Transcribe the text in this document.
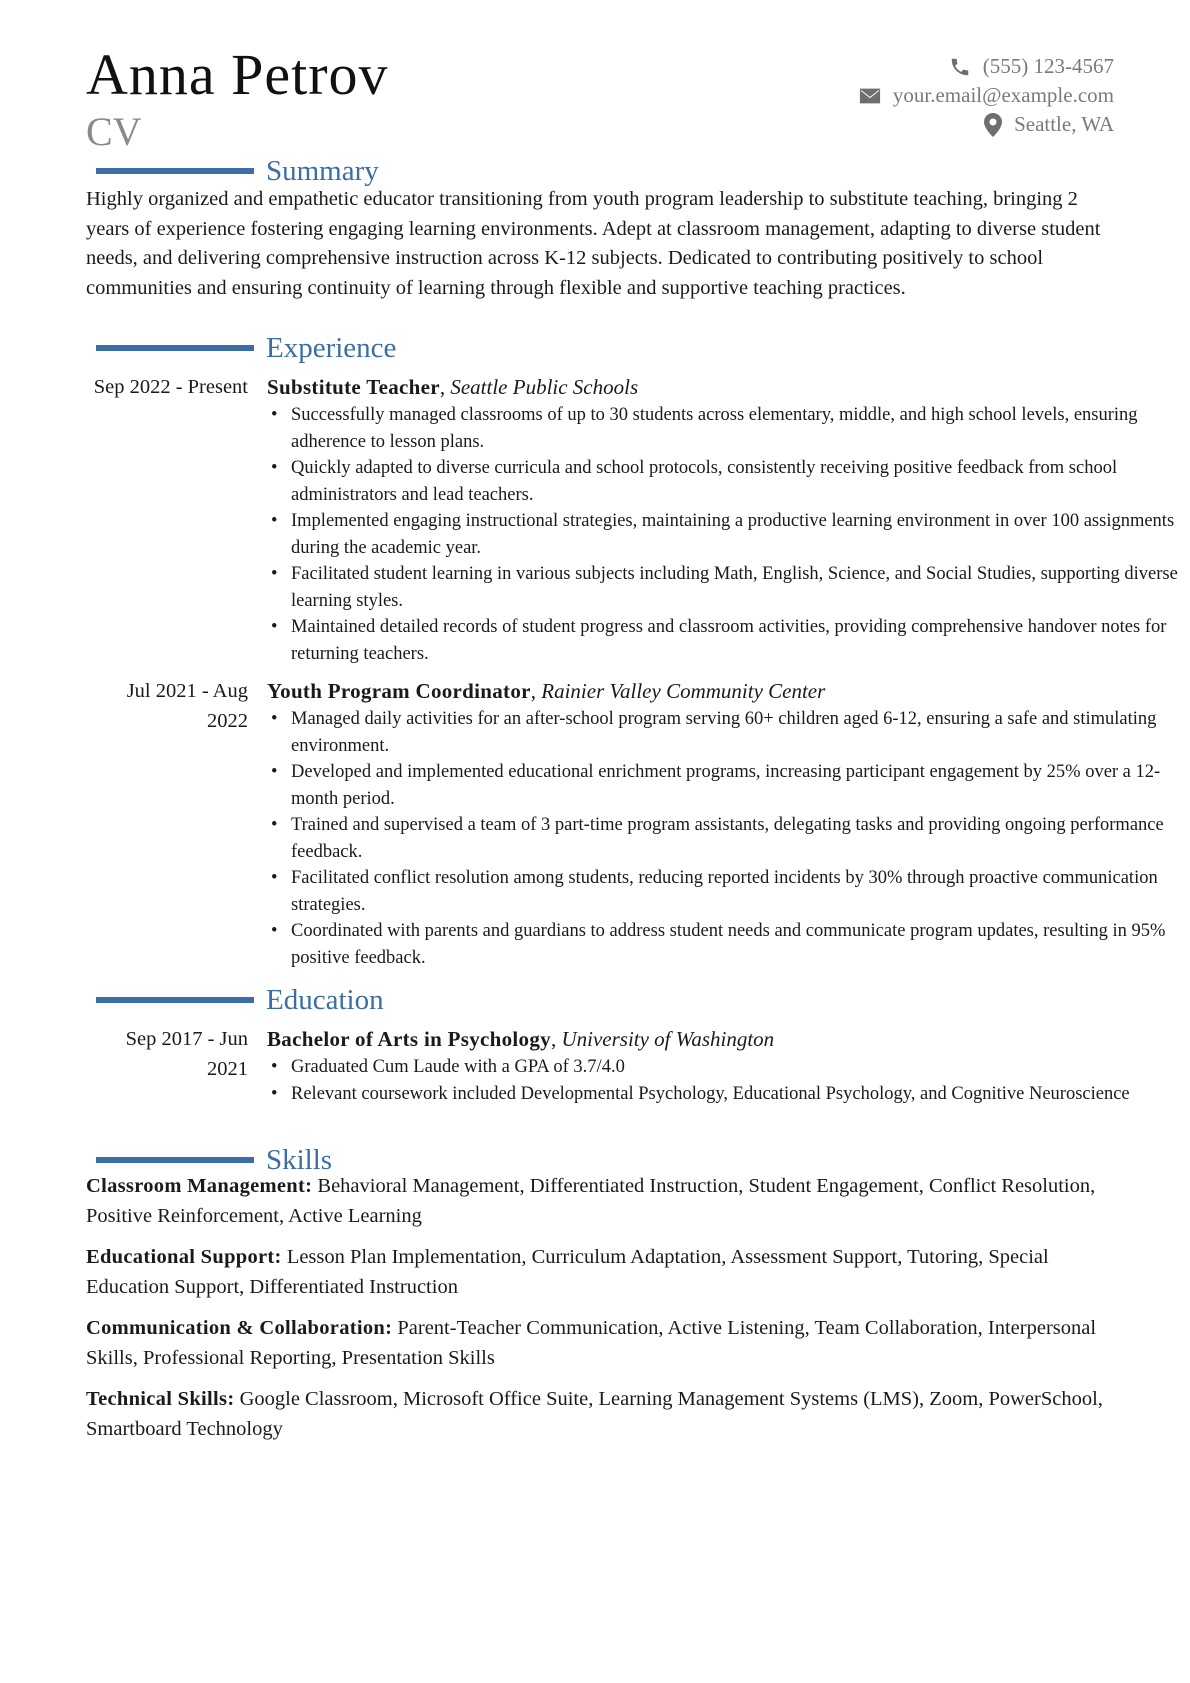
Anna Petrov
CV
(555) 123-4567
your.email@example.com
Seattle, WA
Summary
Highly organized and empathetic educator transitioning from youth program leadership to substitute teaching, bringing 2 years of experience fostering engaging learning environments. Adept at classroom management, adapting to diverse student needs, and delivering comprehensive instruction across K-12 subjects. Dedicated to contributing positively to school communities and ensuring continuity of learning through flexible and supportive teaching practices.
Experience
Sep 2022 - Present Substitute Teacher, Seattle Public Schools
• Successfully managed classrooms of up to 30 students across elementary, middle, and high school levels, ensuring adherence to lesson plans.
• Quickly adapted to diverse curricula and school protocols, consistently receiving positive feedback from school administrators and lead teachers.
• Implemented engaging instructional strategies, maintaining a productive learning environment in over 100 assignments during the academic year.
• Facilitated student learning in various subjects including Math, English, Science, and Social Studies, supporting diverse learning styles.
• Maintained detailed records of student progress and classroom activities, providing comprehensive handover notes for returning teachers.
Jul 2021 - Aug 2022
Youth Program Coordinator, Rainier Valley Community Center
• Managed daily activities for an after-school program serving 60+ children aged 6-12, ensuring a safe and stimulating environment.
• Developed and implemented educational enrichment programs, increasing participant engagement by 25% over a 12-month period.
• Trained and supervised a team of 3 part-time program assistants, delegating tasks and providing ongoing performance feedback.
• Facilitated conflict resolution among students, reducing reported incidents by 30% through proactive communication strategies.
• Coordinated with parents and guardians to address student needs and communicate program updates, resulting in 95% positive feedback.
Education
Sep 2017 - Jun 2021
Bachelor of Arts in Psychology, University of Washington
• Graduated Cum Laude with a GPA of 3.7/4.0
• Relevant coursework included Developmental Psychology, Educational Psychology, and Cognitive Neuroscience
Skills
Classroom Management: Behavioral Management, Differentiated Instruction, Student Engagement, Conflict Resolution, Positive Reinforcement, Active Learning
Educational Support: Lesson Plan Implementation, Curriculum Adaptation, Assessment Support, Tutoring, Special Education Support, Differentiated Instruction
Communication & Collaboration: Parent-Teacher Communication, Active Listening, Team Collaboration, Interpersonal Skills, Professional Reporting, Presentation Skills
Technical Skills: Google Classroom, Microsoft Office Suite, Learning Management Systems (LMS), Zoom, PowerSchool, Smartboard Technology
